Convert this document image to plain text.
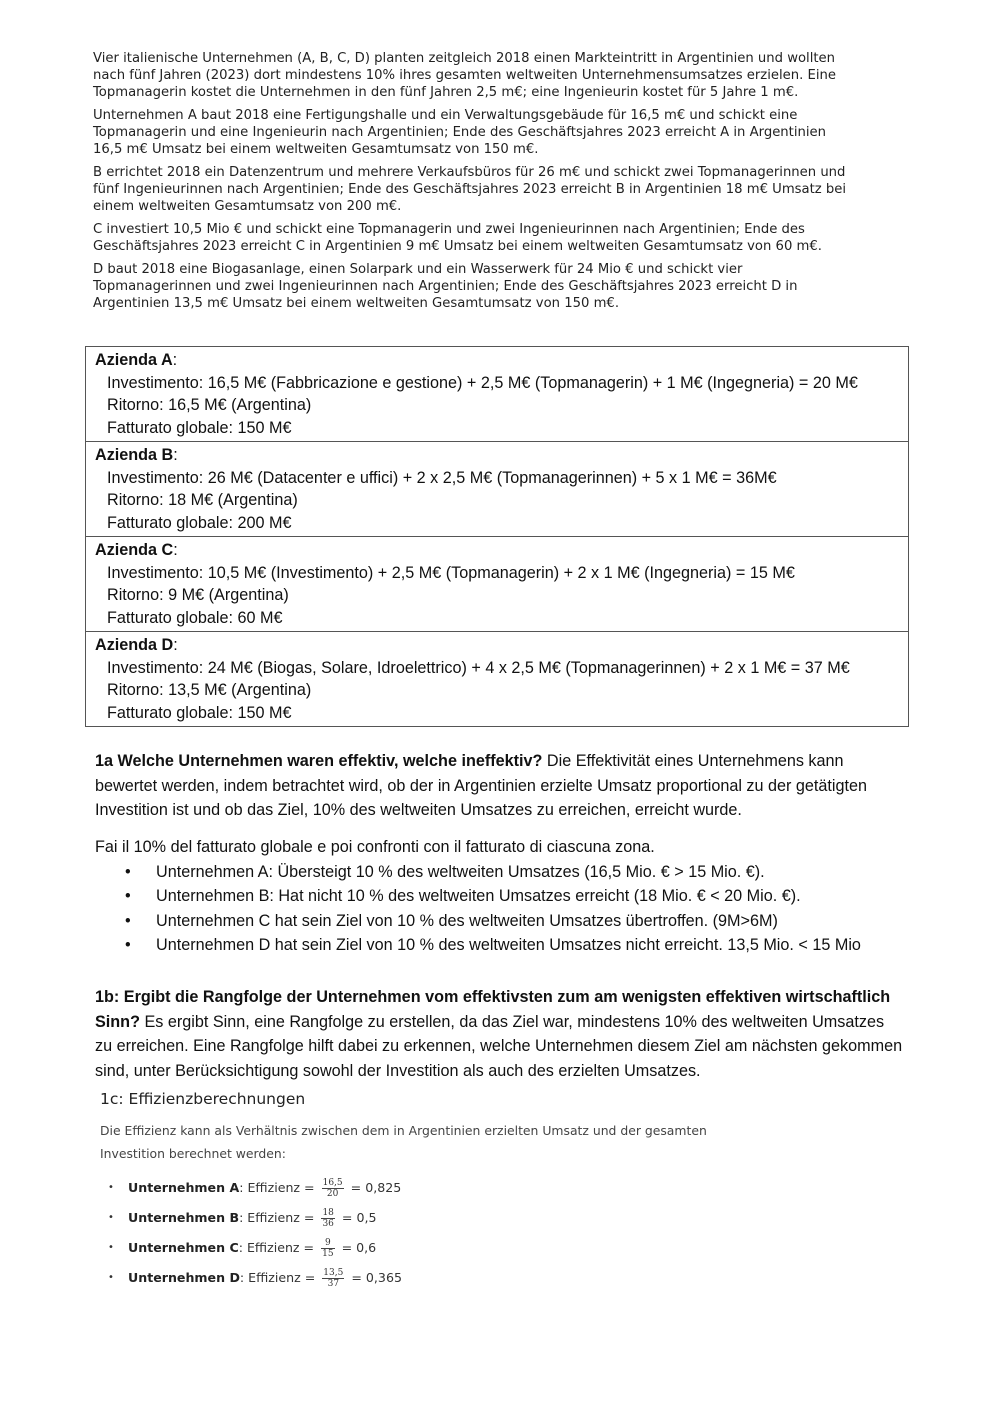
Vier italienische Unternehmen (A, B, C, D) planten zeitgleich 2018 einen Markteintritt in Argentinien und wollten nach fünf Jahren (2023) dort mindestens 10% ihres gesamten weltweiten Unternehmensumsatzes erzielen. Eine Topmanagerin kostet die Unternehmen in den fünf Jahren 2,5 m€; eine Ingenieurin kostet für 5 Jahre 1 m€.

Unternehmen A baut 2018 eine Fertigungshalle und ein Verwaltungsgebäude für 16,5 m€ und schickt eine Topmanagerin und eine Ingenieurin nach Argentinien; Ende des Geschäftsjahres 2023 erreicht A in Argentinien 16,5 m€ Umsatz bei einem weltweiten Gesamtumsatz von 150 m€.

B errichtet 2018 ein Datenzentrum und mehrere Verkaufsbüros für 26 m€ und schickt zwei Topmanagerinnen und fünf Ingenieurinnen nach Argentinien; Ende des Geschäftsjahres 2023 erreicht B in Argentinien 18 m€ Umsatz bei einem weltweiten Gesamtumsatz von 200 m€.

C investiert 10,5 Mio € und schickt eine Topmanagerin und zwei Ingenieurinnen nach Argentinien; Ende des Geschäftsjahres 2023 erreicht C in Argentinien 9 m€ Umsatz bei einem weltweiten Gesamtumsatz von 60 m€.

D baut 2018 eine Biogasanlage, einen Solarpark und ein Wasserwerk für 24 Mio € und schickt vier Topmanagerinnen und zwei Ingenieurinnen nach Argentinien; Ende des Geschäftsjahres 2023 erreicht D in Argentinien 13,5 m€ Umsatz bei einem weltweiten Gesamtumsatz von 150 m€.

Azienda A:
Investimento: 16,5 M€ (Fabbricazione e gestione) + 2,5 M€ (Topmanagerin) + 1 M€ (Ingegneria) = 20 M€
Ritorno: 16,5 M€ (Argentina)
Fatturato globale: 150 M€
Azienda B:
Investimento: 26 M€ (Datacenter e uffici) + 2 x 2,5 M€ (Topmanagerinnen) + 5 x 1 M€ = 36M€
Ritorno: 18 M€ (Argentina)
Fatturato globale: 200 M€
Azienda C:
Investimento: 10,5 M€ (Investimento) + 2,5 M€ (Topmanagerin) + 2 x 1 M€ (Ingegneria) = 15 M€
Ritorno: 9 M€ (Argentina)
Fatturato globale: 60 M€
Azienda D:
Investimento: 24 M€ (Biogas, Solare, Idroelettrico) + 4 x 2,5 M€ (Topmanagerinnen) + 2 x 1 M€ = 37 M€
Ritorno: 13,5 M€ (Argentina)
Fatturato globale: 150 M€

1a Welche Unternehmen waren effektiv, welche ineffektiv? Die Effektivität eines Unternehmens kann bewertet werden, indem betrachtet wird, ob der in Argentinien erzielte Umsatz proportional zu der getätigten Investition ist und ob das Ziel, 10% des weltweiten Umsatzes zu erreichen, erreicht wurde.

Fai il 10% del fatturato globale e poi confronti con il fatturato di ciascuna zona.

• Unternehmen A: Übersteigt 10 % des weltweiten Umsatzes (16,5 Mio. € > 15 Mio. €).
• Unternehmen B: Hat nicht 10 % des weltweiten Umsatzes erreicht (18 Mio. € < 20 Mio. €).
• Unternehmen C hat sein Ziel von 10 % des weltweiten Umsatzes übertroffen. (9M>6M)
• Unternehmen D hat sein Ziel von 10 % des weltweiten Umsatzes nicht erreicht. 13,5 Mio. < 15 Mio

1b: Ergibt die Rangfolge der Unternehmen vom effektivsten zum am wenigsten effektiven wirtschaftlich Sinn? Es ergibt Sinn, eine Rangfolge zu erstellen, da das Ziel war, mindestens 10% des weltweiten Umsatzes zu erreichen. Eine Rangfolge hilft dabei zu erkennen, welche Unternehmen diesem Ziel am nächsten gekommen sind, unter Berücksichtigung sowohl der Investition als auch des erzielten Umsatzes.

1c: Effizienzberechnungen

Die Effizienz kann als Verhältnis zwischen dem in Argentinien erzielten Umsatz und der gesamten Investition berechnet werden:
• Unternehmen A: Effizienz = $\frac{16,5}{20} = 0,825$
• Unternehmen B: Effizienz = $\frac{18}{36} = 0,5$
• Unternehmen C: Effizienz = $\frac{9}{15} = 0,6$
• Unternehmen D: Effizienz = $\frac{13,5}{37} = 0,365$
